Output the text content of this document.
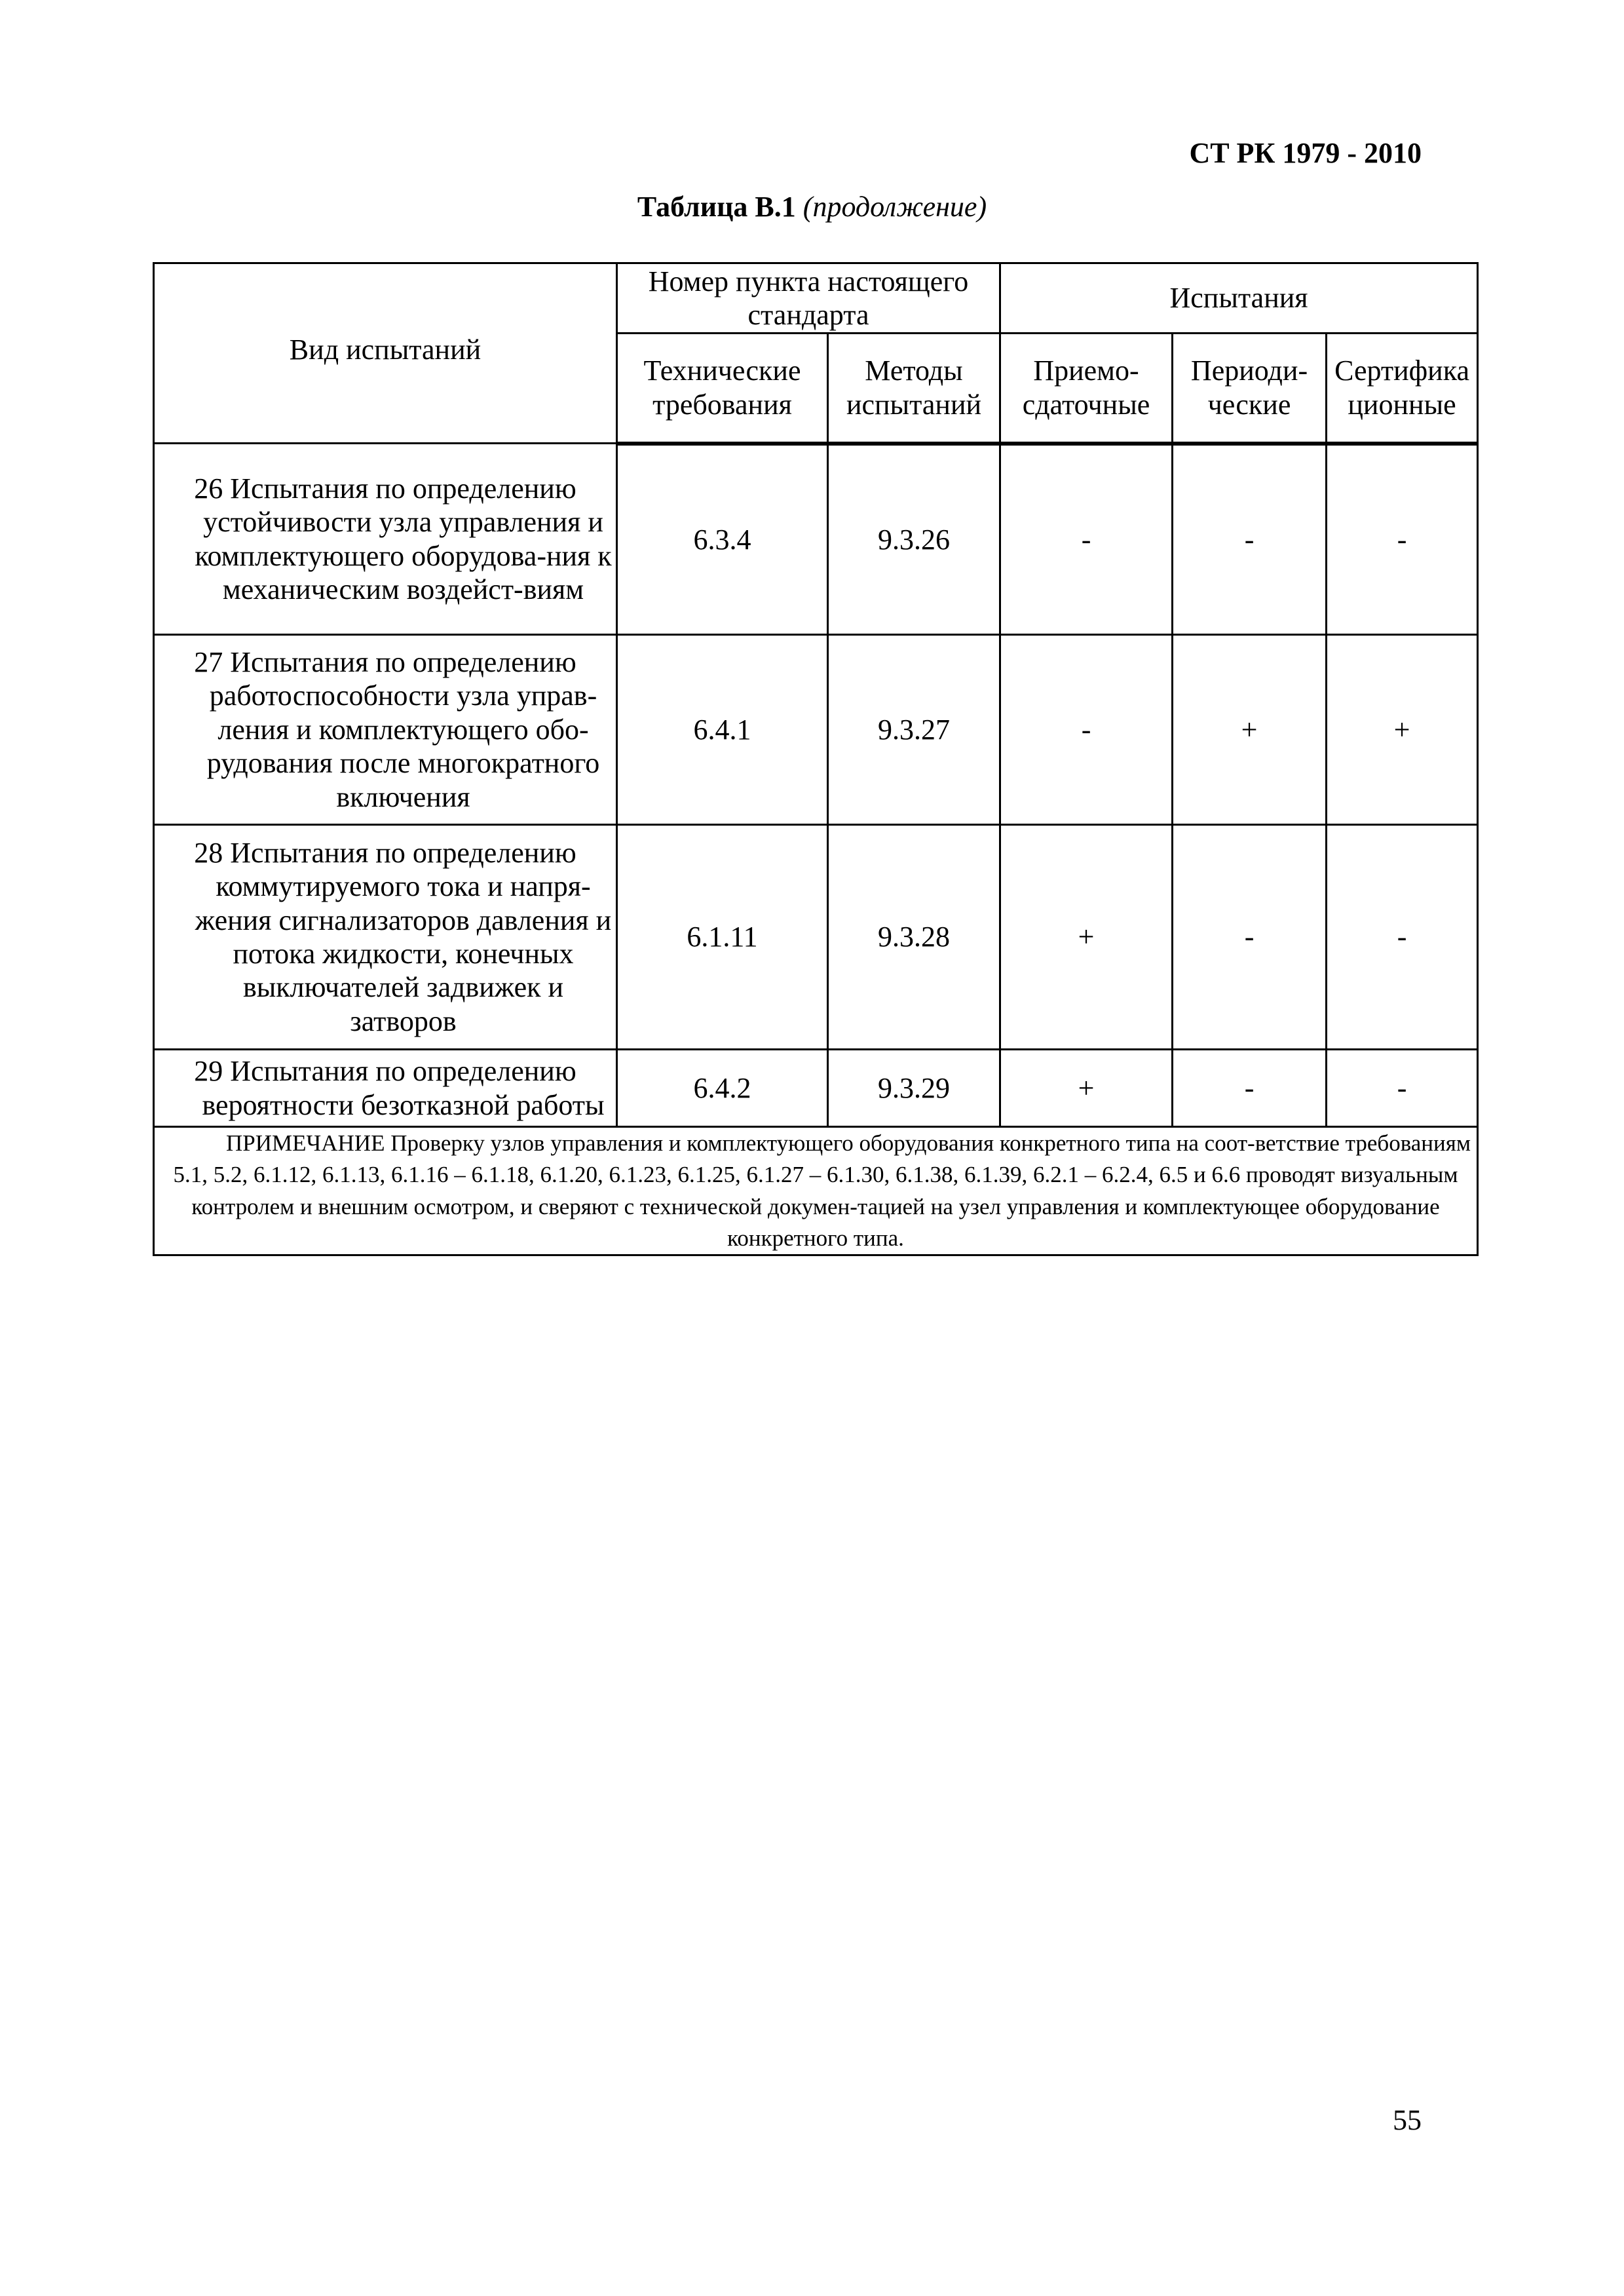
СТ РК 1979 - 2010
Таблица В.1 (продолжение)
Вид испытаний	Номер пункта настоящего стандарта		Испытания		
	Технические требования	Методы испытаний	Приемо-сдаточные	Периоди-ческие	Сертифика ционные

26 Испытания по определению устойчивости узла управления и комплектующего оборудова-ния к механическим воздейст-виям	6.3.4	9.3.26	-	-	-

27 Испытания по определению работоспособности узла управ-ления и комплектующего обо-рудования после многократного включения	6.4.1	9.3.27	-	+	+

28 Испытания по определению коммутируемого тока и напря-жения сигнализаторов давления и потока жидкости, конечных выключателей задвижек и затворов	6.1.11	9.3.28	+	-	-

29 Испытания по определению вероятности безотказной работы	6.4.2	9.3.29	+	-	-
ПРИМЕЧАНИЕ Проверку узлов управления и комплектующего оборудования конкретного типа на соот-ветствие требованиям 5.1, 5.2, 6.1.12, 6.1.13, 6.1.16 – 6.1.18, 6.1.20, 6.1.23, 6.1.25, 6.1.27 – 6.1.30, 6.1.38, 6.1.39, 6.2.1 – 6.2.4, 6.5 и 6.6 проводят визуальным контролем и внешним осмотром, и сверяют с технической докумен-тацией на узел управления и комплектующее оборудование конкретного типа.					
55
